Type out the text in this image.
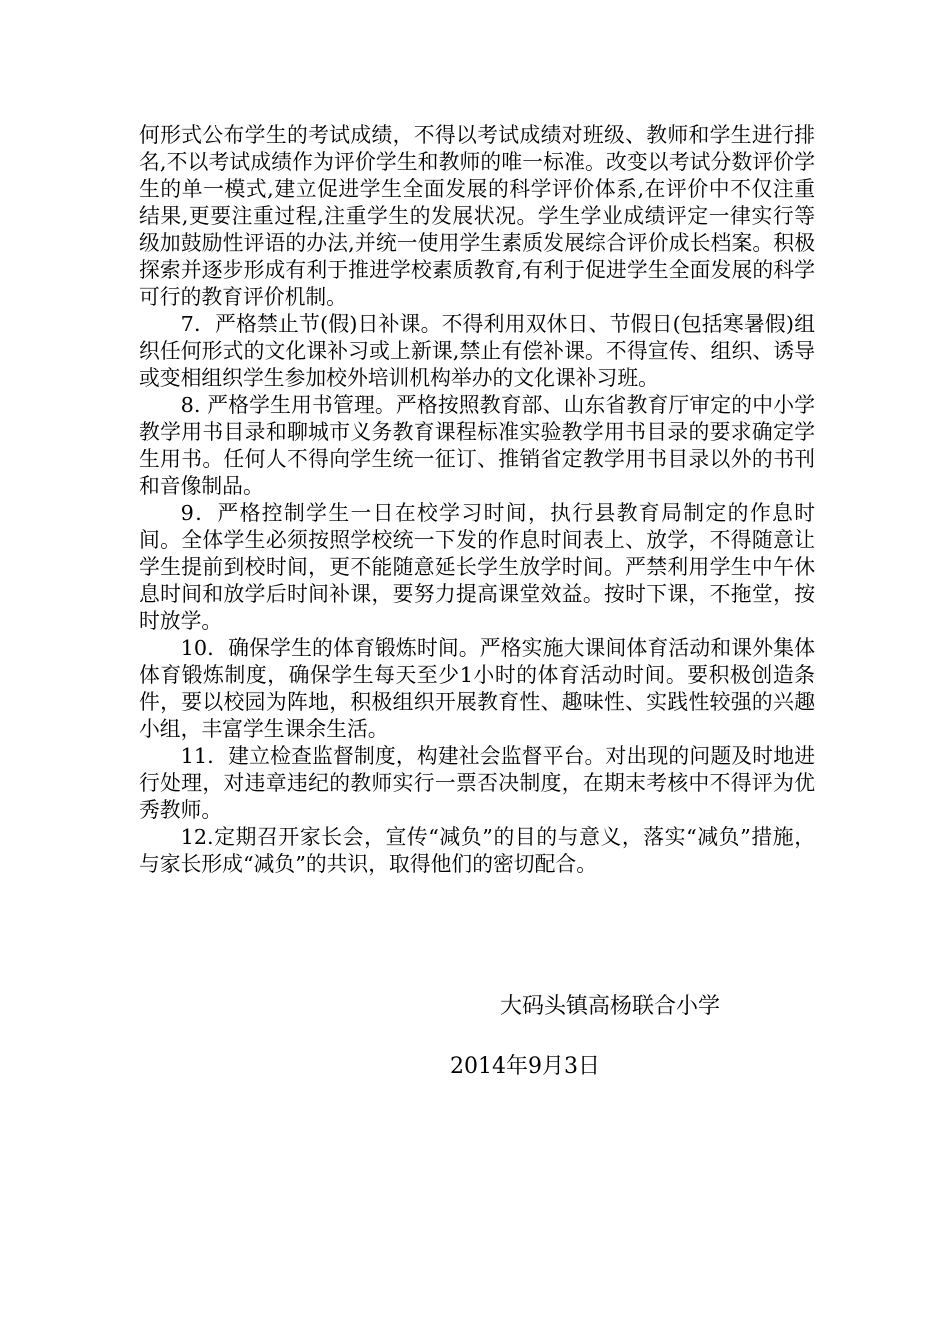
何形式公布学生的考试成绩，不得以考试成绩对班级、教师和学生进行排名,不以考试成绩作为评价学生和教师的唯一标准。改变以考试分数评价学生的单一模式,建立促进学生全面发展的科学评价体系,在评价中不仅注重结果,更要注重过程,注重学生的发展状况。学生学业成绩评定一律实行等级加鼓励性评语的办法,并统一使用学生素质发展综合评价成长档案。积极探索并逐步形成有利于推进学校素质教育,有利于促进学生全面发展的科学可行的教育评价机制。

7．严格禁止节(假)日补课。不得利用双休日、节假日(包括寒暑假)组织任何形式的文化课补习或上新课,禁止有偿补课。不得宣传、组织、诱导或变相组织学生参加校外培训机构举办的文化课补习班。

8. 严格学生用书管理。严格按照教育部、山东省教育厅审定的中小学教学用书目录和聊城市义务教育课程标准实验教学用书目录的要求确定学生用书。任何人不得向学生统一征订、推销省定教学用书目录以外的书刊和音像制品。

9．严格控制学生一日在校学习时间，执行县教育局制定的作息时间。全体学生必须按照学校统一下发的作息时间表上、放学，不得随意让学生提前到校时间，更不能随意延长学生放学时间。严禁利用学生中午休息时间和放学后时间补课，要努力提高课堂效益。按时下课，不拖堂，按时放学。

10．确保学生的体育锻炼时间。严格实施大课间体育活动和课外集体体育锻炼制度，确保学生每天至少1小时的体育活动时间。要积极创造条件，要以校园为阵地，积极组织开展教育性、趣味性、实践性较强的兴趣小组，丰富学生课余生活。

11．建立检查监督制度，构建社会监督平台。对出现的问题及时地进行处理，对违章违纪的教师实行一票否决制度，在期末考核中不得评为优秀教师。

12.定期召开家长会，宣传“减负”的目的与意义，落实“减负”措施，与家长形成“减负”的共识，取得他们的密切配合。

大码头镇高杨联合小学
2014年9月3日
